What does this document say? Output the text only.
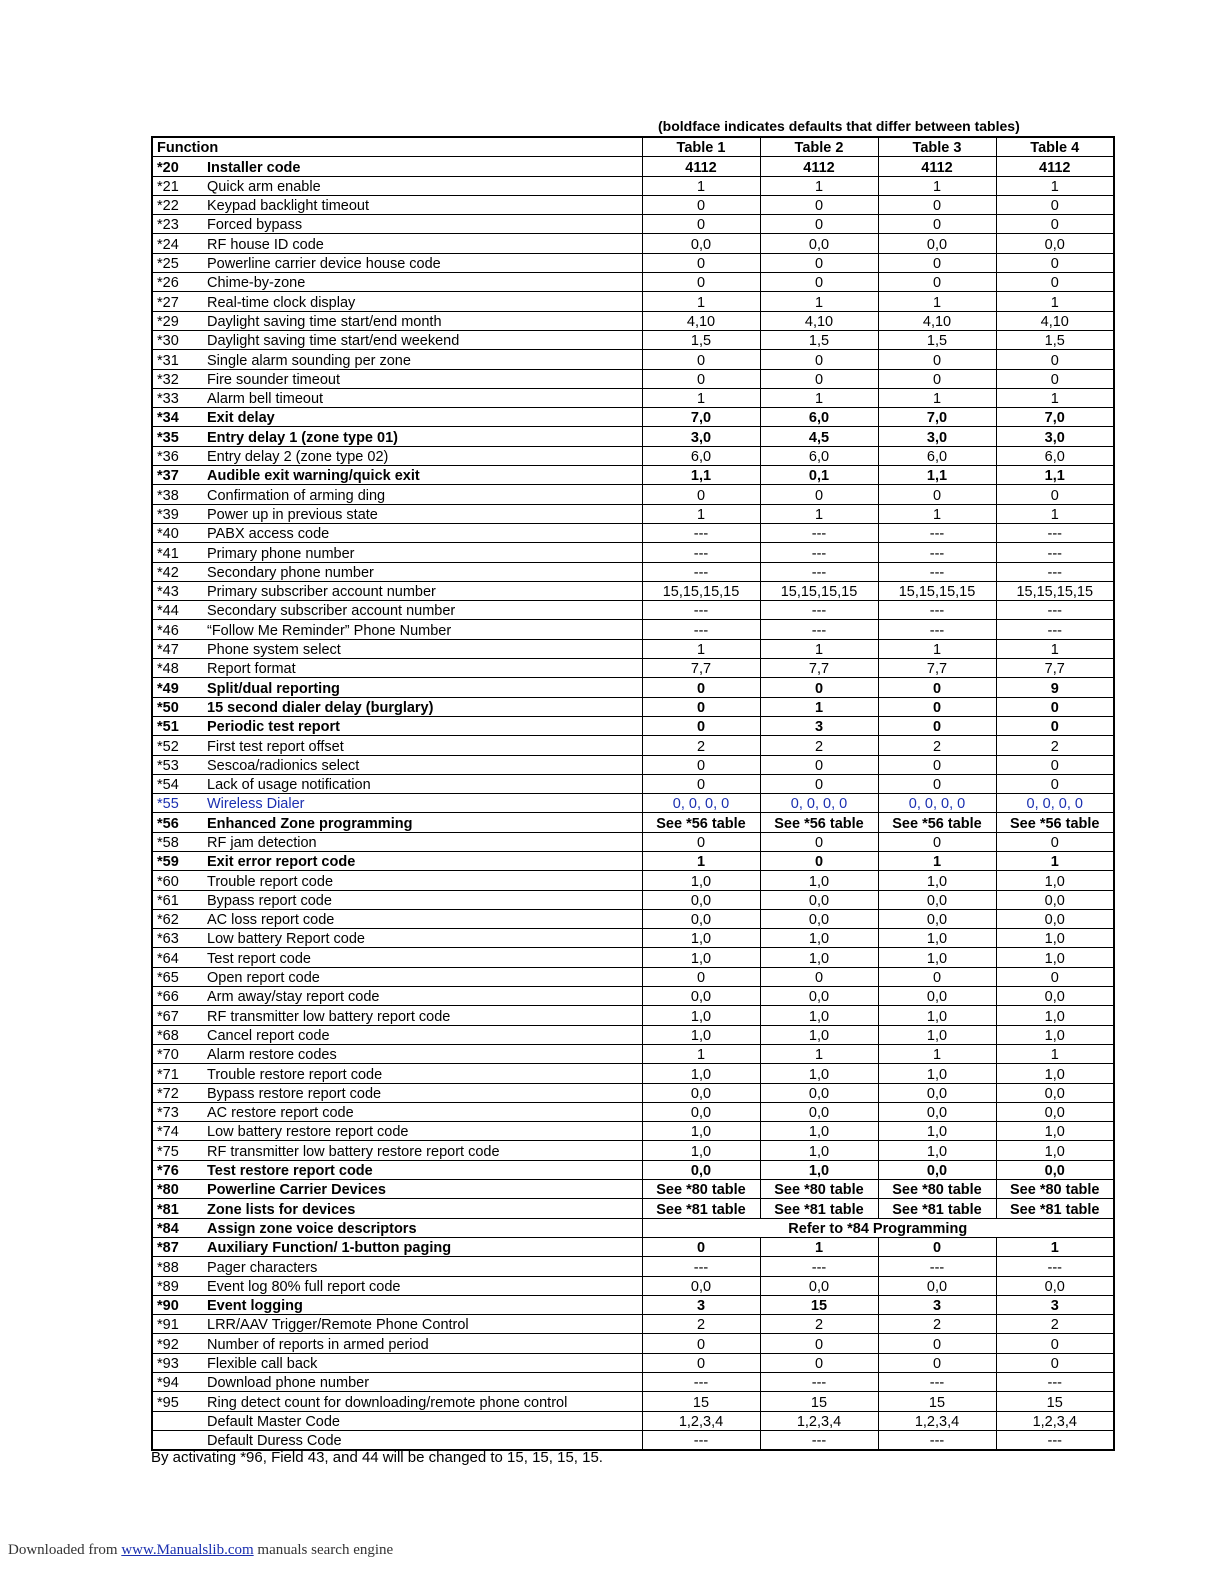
(boldface indicates defaults that differ between tables)
Function	Table 1	Table 2	Table 3	Table 4
*20 Installer code	4112	4112	4112	4112
*21 Quick arm enable	1	1	1	1
*22 Keypad backlight timeout	0	0	0	0
*23 Forced bypass	0	0	0	0
*24 RF house ID code	0,0	0,0	0,0	0,0
*25 Powerline carrier device house code	0	0	0	0
*26 Chime-by-zone	0	0	0	0
*27 Real-time clock display	1	1	1	1
*29 Daylight saving time start/end month	4,10	4,10	4,10	4,10
*30 Daylight saving time start/end weekend	1,5	1,5	1,5	1,5
*31 Single alarm sounding per zone	0	0	0	0
*32 Fire sounder timeout	0	0	0	0
*33 Alarm bell timeout	1	1	1	1
*34 Exit delay	7,0	6,0	7,0	7,0
*35 Entry delay 1 (zone type 01)	3,0	4,5	3,0	3,0
*36 Entry delay 2 (zone type 02)	6,0	6,0	6,0	6,0
*37 Audible exit warning/quick exit	1,1	0,1	1,1	1,1
*38 Confirmation of arming ding	0	0	0	0
*39 Power up in previous state	1	1	1	1
*40 PABX access code	---	---	---	---
*41 Primary phone number	---	---	---	---
*42 Secondary phone number	---	---	---	---
*43 Primary subscriber account number	15,15,15,15	15,15,15,15	15,15,15,15	15,15,15,15
*44 Secondary subscriber account number	---	---	---	---
*46 “Follow Me Reminder” Phone Number	---	---	---	---
*47 Phone system select	1	1	1	1
*48 Report format	7,7	7,7	7,7	7,7
*49 Split/dual reporting	0	0	0	9
*50 15 second dialer delay (burglary)	0	1	0	0
*51 Periodic test report	0	3	0	0
*52 First test report offset	2	2	2	2
*53 Sescoa/radionics select	0	0	0	0
*54 Lack of usage notification	0	0	0	0
*55 Wireless Dialer	0, 0, 0, 0	0, 0, 0, 0	0, 0, 0, 0	0, 0, 0, 0
*56 Enhanced Zone programming	See *56 table	See *56 table	See *56 table	See *56 table
*58 RF jam detection	0	0	0	0
*59 Exit error report code	1	0	1	1
*60 Trouble report code	1,0	1,0	1,0	1,0
*61 Bypass report code	0,0	0,0	0,0	0,0
*62 AC loss report code	0,0	0,0	0,0	0,0
*63 Low battery Report code	1,0	1,0	1,0	1,0
*64 Test report code	1,0	1,0	1,0	1,0
*65 Open report code	0	0	0	0
*66 Arm away/stay report code	0,0	0,0	0,0	0,0
*67 RF transmitter low battery report code	1,0	1,0	1,0	1,0
*68 Cancel report code	1,0	1,0	1,0	1,0
*70 Alarm restore codes	1	1	1	1
*71 Trouble restore report code	1,0	1,0	1,0	1,0
*72 Bypass restore report code	0,0	0,0	0,0	0,0
*73 AC restore report code	0,0	0,0	0,0	0,0
*74 Low battery restore report code	1,0	1,0	1,0	1,0
*75 RF transmitter low battery restore report code	1,0	1,0	1,0	1,0
*76 Test restore report code	0,0	1,0	0,0	0,0
*80 Powerline Carrier Devices	See *80 table	See *80 table	See *80 table	See *80 table
*81 Zone lists for devices	See *81 table	See *81 table	See *81 table	See *81 table
*84 Assign zone voice descriptors	Refer to *84 Programming			
*87 Auxiliary Function/ 1-button paging	0	1	0	1
*88 Pager characters	---	---	---	---
*89 Event log 80% full report code	0,0	0,0	0,0	0,0
*90 Event logging	3	15	3	3
*91 LRR/AAV Trigger/Remote Phone Control	2	2	2	2
*92 Number of reports in armed period	0	0	0	0
*93 Flexible call back	0	0	0	0
*94 Download phone number	---	---	---	---
*95 Ring detect count for downloading/remote phone control	15	15	15	15
Default Master Code	1,2,3,4	1,2,3,4	1,2,3,4	1,2,3,4
Default Duress Code	---	---	---	---
By activating *96, Field 43, and 44 will be changed to 15, 15, 15, 15.
Downloaded from www.Manualslib.com manuals search engine
